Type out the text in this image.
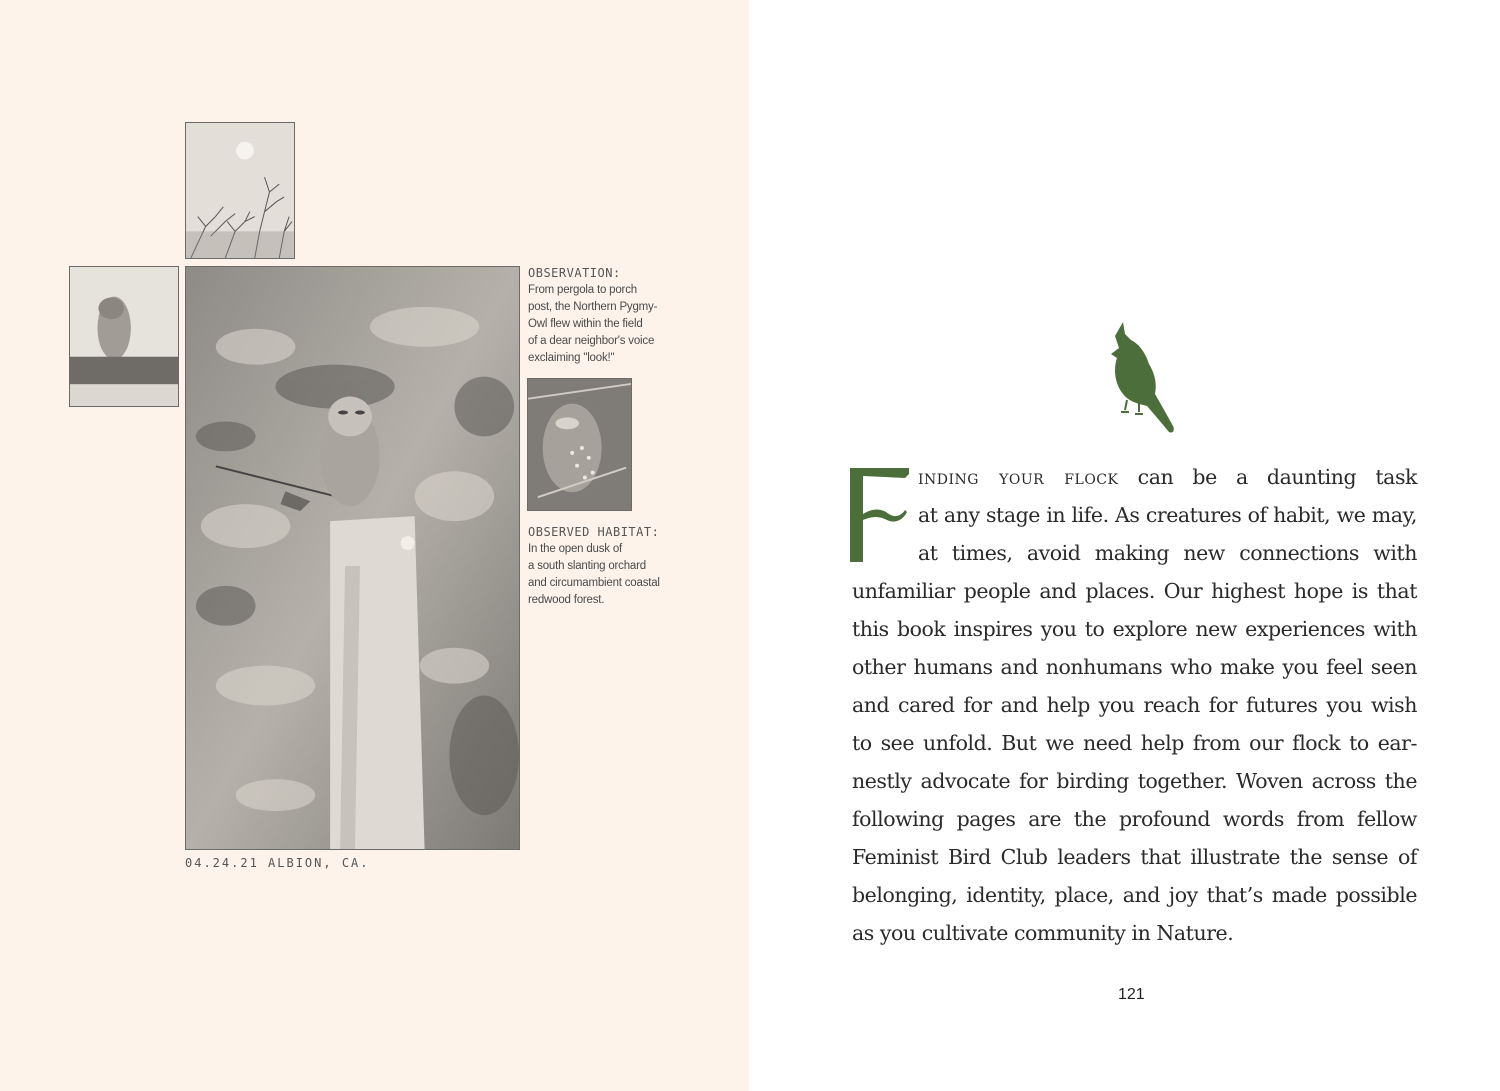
OBSERVATION:
From pergola to porch
post, the Northern Pygmy-
Owl flew within the field
of a dear neighbor's voice
exclaiming "look!"
OBSERVED HABITAT:
In the open dusk of
a south slanting orchard
and circumambient coastal
redwood forest.
04.24.21 ALBION, CA.
inding your flock can be a daunting task
at any stage in life. As creatures of habit, we may,
at times, avoid making new connections with
unfamiliar people and places. Our highest hope is that
this book inspires you to explore new experiences with
other humans and nonhumans who make you feel seen
and cared for and help you reach for futures you wish
to see unfold. But we need help from our flock to ear-
nestly advocate for birding together. Woven across the
following pages are the profound words from fellow
Feminist Bird Club leaders that illustrate the sense of
belonging, identity, place, and joy that’s made possible
as you cultivate community in Nature.
121
